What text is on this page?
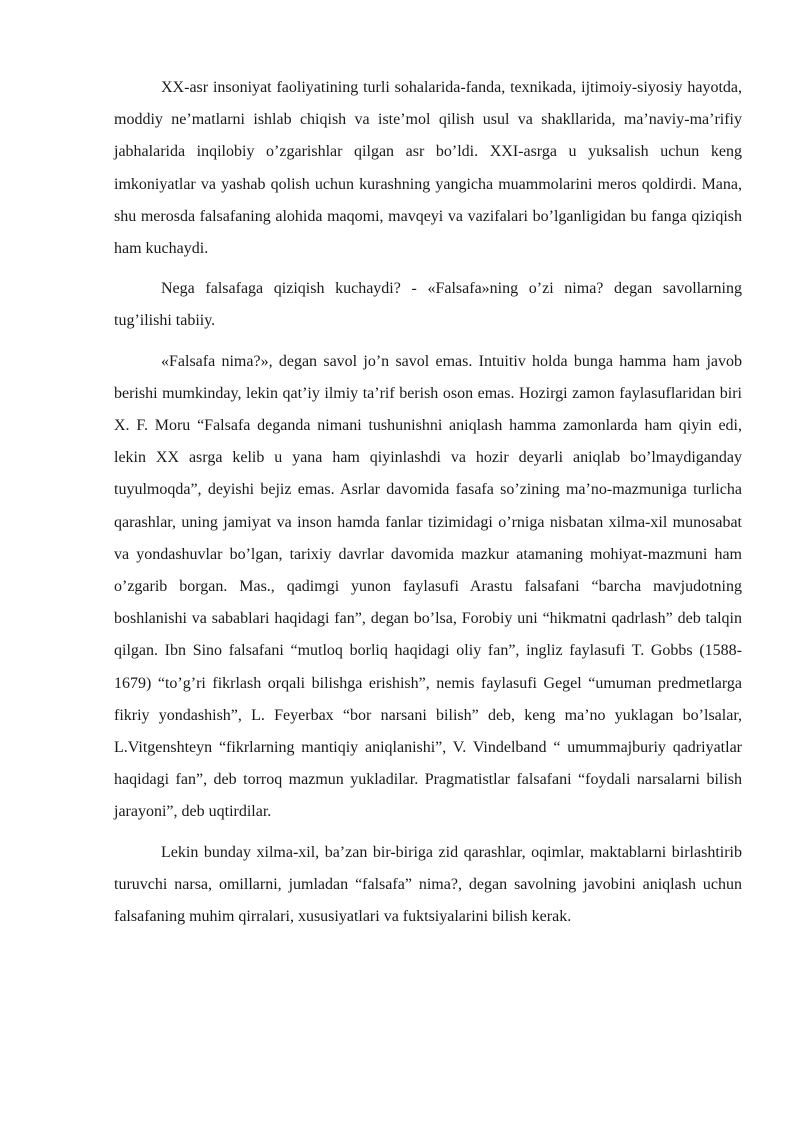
XX-asr insoniyat faoliyatining turli sohalarida-fanda, texnikada, ijtimoiy-siyosiy hayotda, moddiy ne’matlarni ishlab chiqish va iste’mol qilish usul va shakllarida, ma’naviy-ma’rifiy jabhalarida inqilobiy o’zgarishlar qilgan asr bo’ldi. XXI-asrga u yuksalish uchun keng imkoniyatlar va yashab qolish uchun kurashning yangicha muammolarini meros qoldirdi. Mana, shu merosda falsafaning alohida maqomi, mavqeyi va vazifalari bo’lganligidan bu fanga qiziqish ham kuchaydi.

Nega falsafaga qiziqish kuchaydi? - «Falsafa»ning o’zi nima? degan savollarning tug’ilishi tabiiy.

«Falsafa nima?», degan savol jo’n savol emas. Intuitiv holda bunga hamma ham javob berishi mumkinday, lekin qat’iy ilmiy ta’rif berish oson emas. Hozirgi zamon faylasuflaridan biri X. F. Moru “Falsafa deganda nimani tushunishni aniqlash hamma zamonlarda ham qiyin edi, lekin XX asrga kelib u yana ham qiyinlashdi va hozir deyarli aniqlab bo’lmaydiganday tuyulmoqda”, deyishi bejiz emas. Asrlar davomida fasafa so’zining ma’no-mazmuniga turlicha qarashlar, uning jamiyat va inson hamda fanlar tizimidagi o’rniga nisbatan xilma-xil munosabat va yondashuvlar bo’lgan, tarixiy davrlar davomida mazkur atamaning mohiyat-mazmuni ham o’zgarib borgan. Mas., qadimgi yunon faylasufi Arastu falsafani “barcha mavjudotning boshlanishi va sabablari haqidagi fan”, degan bo’lsa, Forobiy uni “hikmatni qadrlash” deb talqin qilgan. Ibn Sino falsafani “mutloq borliq haqidagi oliy fan”, ingliz faylasufi T. Gobbs (1588-1679) “to’g’ri fikrlash orqali bilishga erishish”, nemis faylasufi Gegel “umuman predmetlarga fikriy yondashish”, L. Feyerbax “bor narsani bilish” deb, keng ma’no yuklagan bo’lsalar, L.Vitgenshteyn “fikrlarning mantiqiy aniqlanishi”, V. Vindelband “ umummajburiy qadriyatlar haqidagi fan”, deb torroq mazmun yukladilar. Pragmatistlar falsafani “foydali narsalarni bilish jarayoni”, deb uqtirdilar.

Lekin bunday xilma-xil, ba’zan bir-biriga zid qarashlar, oqimlar, maktablarni birlashtirib turuvchi narsa, omillarni, jumladan “falsafa” nima?, degan savolning javobini aniqlash uchun falsafaning muhim qirralari, xususiyatlari va fuktsiyalarini bilish kerak.
